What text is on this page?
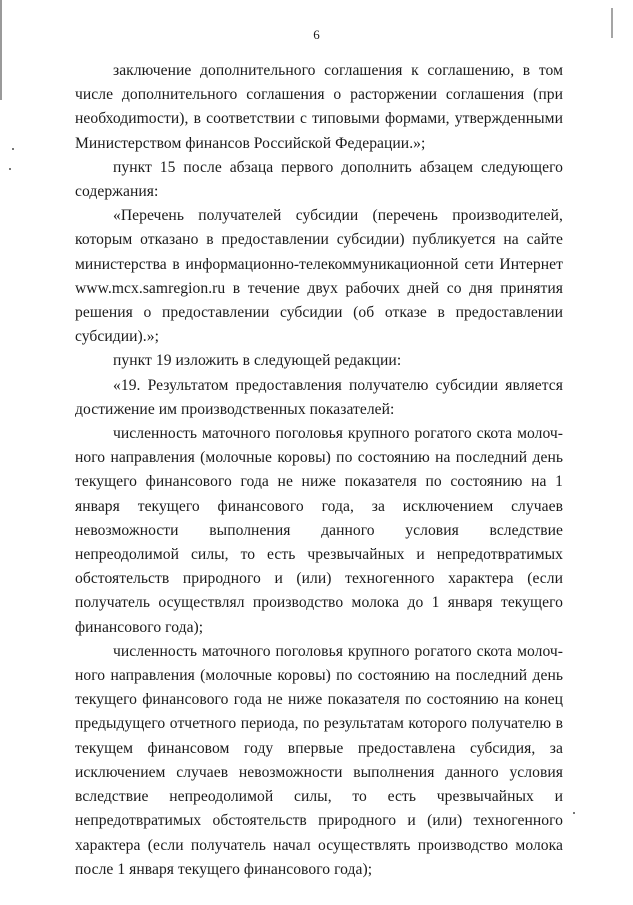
6

заключение дополнительного соглашения к соглашению, в том числе дополнительного соглашения о расторжении соглашения (при необходиmости), в соответствии с типовыми формами, утвержденными Министерством финансов Российской Федерации.»;

пункт 15 после абзаца первого дополнить абзацем следующего содержания:

«Перечень получателей субсидии (перечень производителей, которым отказано в предоставлении субсидии) публикуется на сайте министерства в информационно-телекоммуникационной сети Интернет www.mcx.samregion.ru в течение двух рабочих дней со дня принятия решения о предоставлении субсидии (об отказе в предоставлении субсидии).»;

пункт 19 изложить в следующей редакции:

«19. Результатом предоставления получателю субсидии является достижение им производственных показателей:

численность маточного поголовья крупного рогатого скота молочного направления (молочные коровы) по состоянию на последний день текущего финансового года не ниже показателя по состоянию на 1 января текущего финансового года, за исключением случаев невозможности выполнения данного условия вследствие непреодолимой силы, то есть чрезвычайных и непредотвратимых обстоятельств природного и (или) техногенного характера (если получатель осуществлял производство молока до 1 января текущего финансового года);

численность маточного поголовья крупного рогатого скота молочного направления (молочные коровы) по состоянию на последний день текущего финансового года не ниже показателя по состоянию на конец предыдущего отчетного периода, по результатам которого получателю в текущем финансовом году впервые предоставлена субсидия, за исключением случаев невозможности выполнения данного условия вследствие непреодолимой силы, то есть чрезвычайных и непредотвратимых обстоятельств природного и (или) техногенного характера (если получатель начал осуществлять производство молока после 1 января текущего финансового года);
